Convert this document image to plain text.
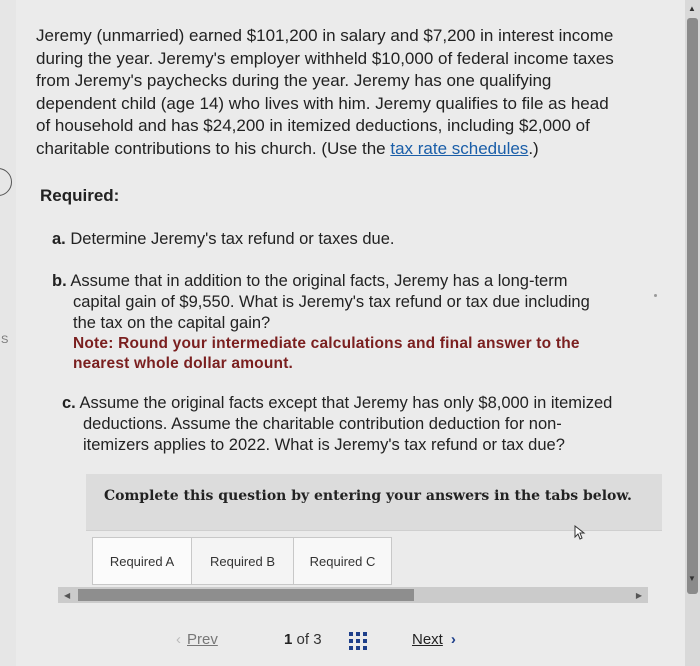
S
Jeremy (unmarried) earned $101,200 in salary and $7,200 in interest income
during the year. Jeremy's employer withheld $10,000 of federal income taxes
from Jeremy's paychecks during the year. Jeremy has one qualifying
dependent child (age 14) who lives with him. Jeremy qualifies to file as head
of household and has $24,200 in itemized deductions, including $2,000 of
charitable contributions to his church. (Use the tax rate schedules.)
Required:
a. Determine Jeremy's tax refund or taxes due.
b. Assume that in addition to the original facts, Jeremy has a long-term
capital gain of $9,550. What is Jeremy's tax refund or tax due including
the tax on the capital gain?
Note: Round your intermediate calculations and final answer to the
nearest whole dollar amount.
c. Assume the original facts except that Jeremy has only $8,000 in itemized
deductions. Assume the charitable contribution deduction for non-
itemizers applies to 2022. What is Jeremy's tax refund or tax due?
Complete this question by entering your answers in the tabs below.
Required A	Required B	Required C
◀	▶
‹ Prev	1 of 3	Next ›
▲
▼
